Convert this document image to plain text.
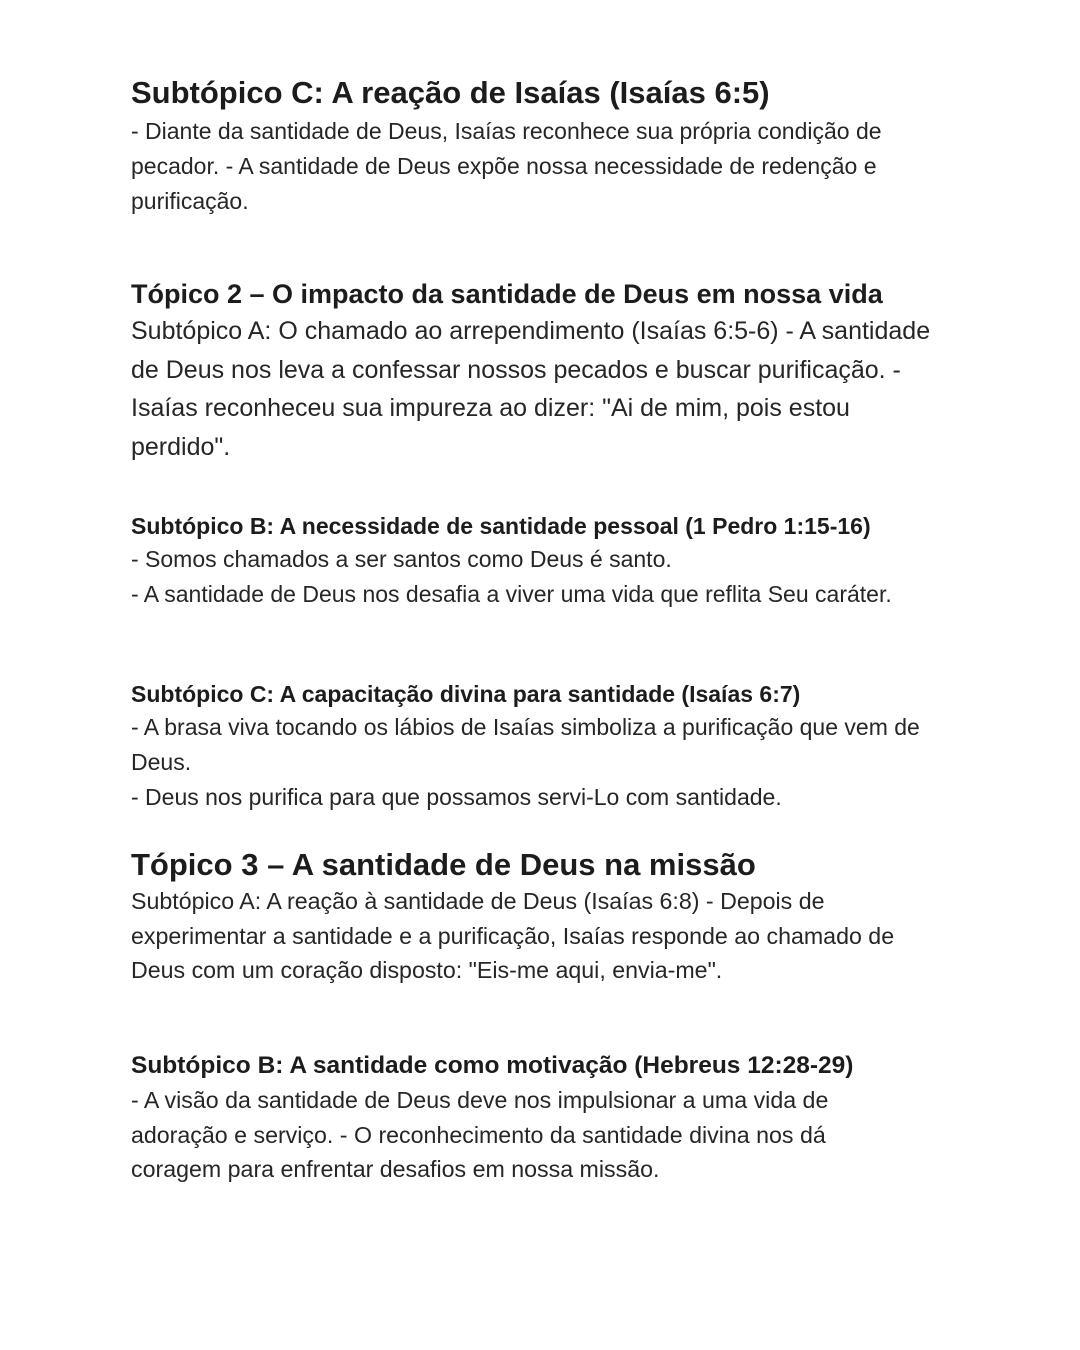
Subtópico C: A reação de Isaías (Isaías 6:5)

- Diante da santidade de Deus, Isaías reconhece sua própria condição de pecador. - A santidade de Deus expõe nossa necessidade de redenção e purificação.

Tópico 2 – O impacto da santidade de Deus em nossa vida

Subtópico A: O chamado ao arrependimento (Isaías 6:5-6) - A santidade de Deus nos leva a confessar nossos pecados e buscar purificação. - Isaías reconheceu sua impureza ao dizer: "Ai de mim, pois estou perdido".

Subtópico B: A necessidade de santidade pessoal (1 Pedro 1:15-16)

- Somos chamados a ser santos como Deus é santo.
- A santidade de Deus nos desafia a viver uma vida que reflita Seu caráter.

Subtópico C: A capacitação divina para santidade (Isaías 6:7)

- A brasa viva tocando os lábios de Isaías simboliza a purificação que vem de Deus.
- Deus nos purifica para que possamos servi-Lo com santidade.

Tópico 3 – A santidade de Deus na missão

Subtópico A: A reação à santidade de Deus (Isaías 6:8) - Depois de experimentar a santidade e a purificação, Isaías responde ao chamado de Deus com um coração disposto: "Eis-me aqui, envia-me".

Subtópico B: A santidade como motivação (Hebreus 12:28-29)

- A visão da santidade de Deus deve nos impulsionar a uma vida de adoração e serviço. - O reconhecimento da santidade divina nos dá coragem para enfrentar desafios em nossa missão.
